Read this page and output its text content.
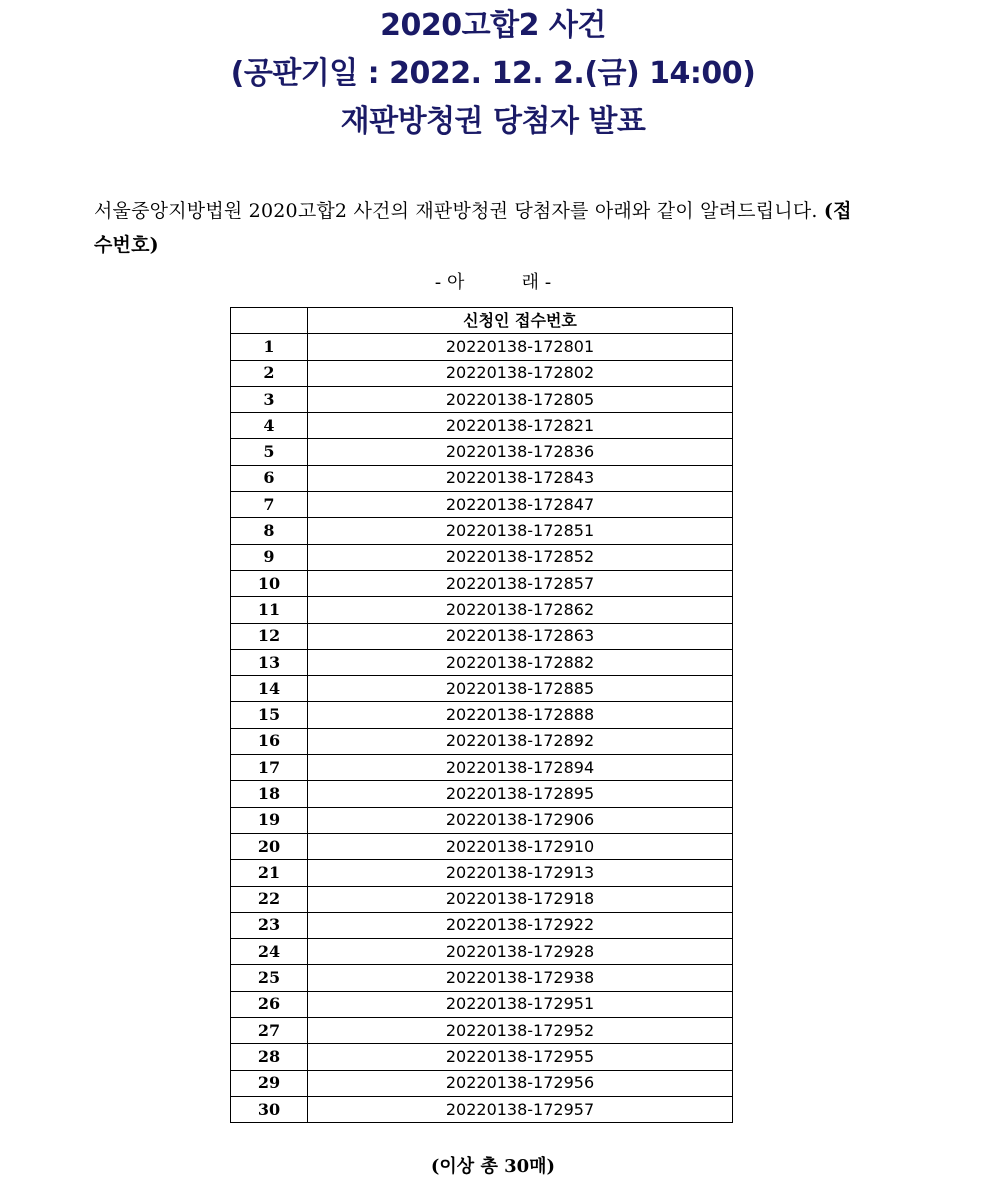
2020고합2 사건
(공판기일 : 2022. 12. 2.(금) 14:00)
재판방청권 당첨자 발표
서울중앙지방법원 2020고합2 사건의 재판방청권 당첨자를 아래와 같이 알려드립니다. (접수번호)
- 아          래 -
	신청인 접수번호
1	20220138-172801
2	20220138-172802
3	20220138-172805
4	20220138-172821
5	20220138-172836
6	20220138-172843
7	20220138-172847
8	20220138-172851
9	20220138-172852
10	20220138-172857
11	20220138-172862
12	20220138-172863
13	20220138-172882
14	20220138-172885
15	20220138-172888
16	20220138-172892
17	20220138-172894
18	20220138-172895
19	20220138-172906
20	20220138-172910
21	20220138-172913
22	20220138-172918
23	20220138-172922
24	20220138-172928
25	20220138-172938
26	20220138-172951
27	20220138-172952
28	20220138-172955
29	20220138-172956
30	20220138-172957
(이상 총 30매)
